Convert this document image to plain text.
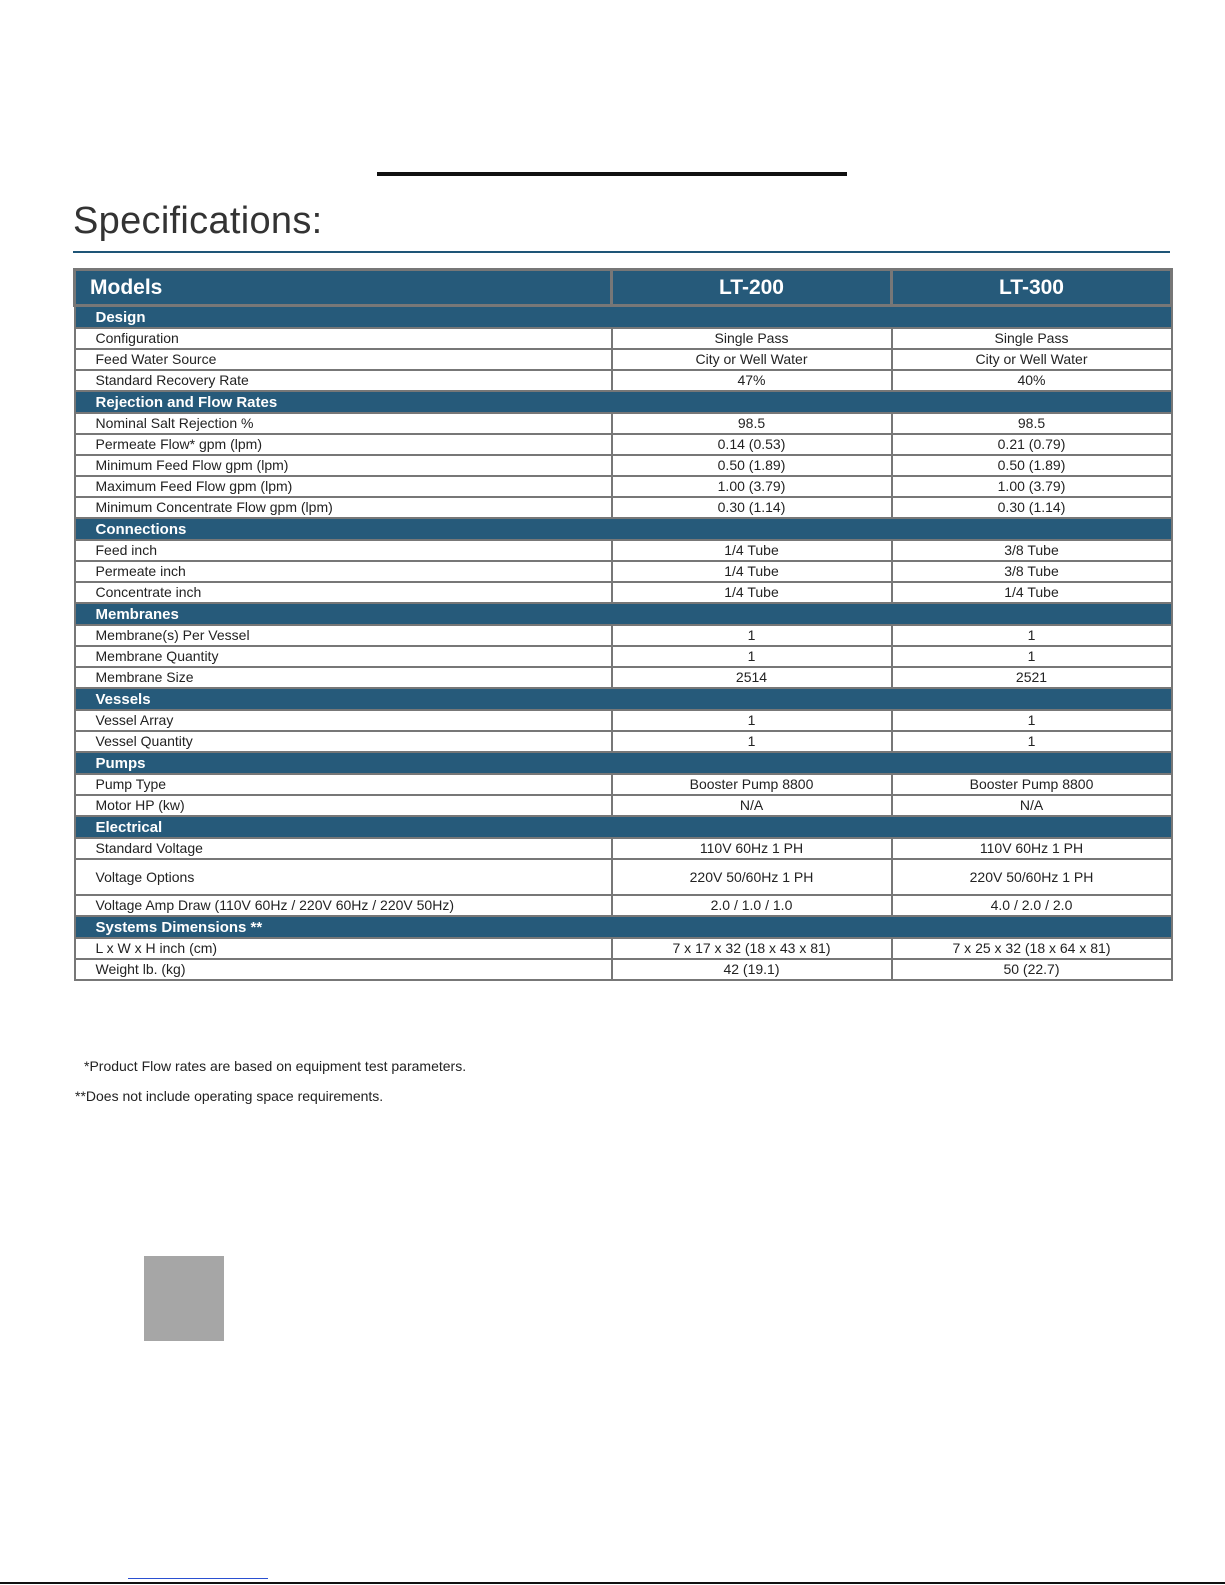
Specifications:
Models	LT-200	LT-300
Design		
Configuration	Single Pass	Single Pass
Feed Water Source	City or Well Water	City or Well Water
Standard Recovery Rate	47%	40%
Rejection and Flow Rates		
Nominal Salt Rejection %	98.5	98.5
Permeate Flow* gpm (lpm)	0.14 (0.53)	0.21 (0.79)
Minimum Feed Flow gpm (lpm)	0.50 (1.89)	0.50 (1.89)
Maximum Feed Flow gpm (lpm)	1.00 (3.79)	1.00 (3.79)
Minimum Concentrate Flow gpm (lpm)	0.30 (1.14)	0.30 (1.14)
Connections		
Feed inch	1/4 Tube	3/8 Tube
Permeate inch	1/4 Tube	3/8 Tube
Concentrate inch	1/4 Tube	1/4 Tube
Membranes		
Membrane(s) Per Vessel	1	1
Membrane Quantity	1	1
Membrane Size	2514	2521
Vessels		
Vessel Array	1	1
Vessel Quantity	1	1
Pumps		
Pump Type	Booster Pump 8800	Booster Pump 8800
Motor HP (kw)	N/A	N/A
Electrical		
Standard Voltage	110V 60Hz 1 PH	110V 60Hz 1 PH
Voltage Options	220V 50/60Hz 1 PH	220V 50/60Hz 1 PH
Voltage Amp Draw (110V 60Hz / 220V 60Hz / 220V 50Hz)	2.0 / 1.0 / 1.0	4.0 / 2.0 / 2.0
Systems Dimensions **		
L x W x H inch (cm)	7 x 17 x 32 (18 x 43 x 81)	7 x 25 x 32 (18 x 64 x 81)
Weight lb. (kg)	42 (19.1)	50 (22.7)

*Product Flow rates are based on equipment test parameters.

**Does not include operating space requirements.
